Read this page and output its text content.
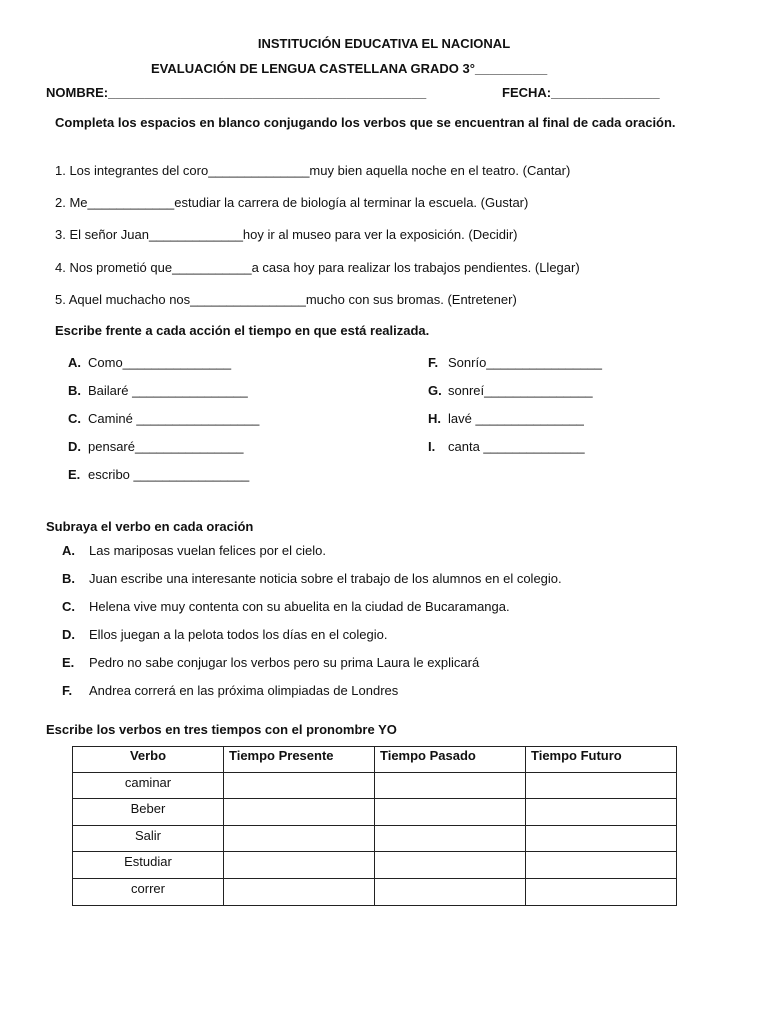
INSTITUCIÓN EDUCATIVA EL NACIONAL
EVALUACIÓN DE LENGUA CASTELLANA GRADO 3°__________
NOMBRE:____________________________________________	FECHA:_______________
Completa los espacios en blanco conjugando los verbos que se encuentran al final de cada oración.
1. Los integrantes del coro______________muy bien aquella noche en el teatro. (Cantar)
2. Me____________estudiar la carrera de biología al terminar la escuela. (Gustar)
3. El señor Juan_____________hoy ir al museo para ver la exposición. (Decidir)
4. Nos prometió que___________a casa hoy para realizar los trabajos pendientes. (Llegar)
5. Aquel muchacho nos________________mucho con sus bromas. (Entretener)
Escribe frente a cada acción el tiempo en que está realizada.
A. Como_______________
B. Bailaré ________________
C. Caminé _________________
D. pensaré_______________
E. escribo ________________
F. Sonrío________________
G. sonreí_______________
H. lavé _______________
I. canta ______________
Subraya el verbo en cada oración
A. Las mariposas vuelan felices por el cielo.
B. Juan escribe una interesante noticia sobre el trabajo de los alumnos en el colegio.
C. Helena vive muy contenta con su abuelita en la ciudad de Bucaramanga.
D. Ellos juegan a la pelota todos los días en el colegio.
E. Pedro no sabe conjugar los verbos pero su prima Laura le explicará
F. Andrea correrá en las próxima olimpiadas de Londres
Escribe los verbos en tres tiempos con el pronombre YO
Verbo	Tiempo Presente	Tiempo Pasado	Tiempo Futuro
caminar			
Beber			
Salir			
Estudiar			
correr			
